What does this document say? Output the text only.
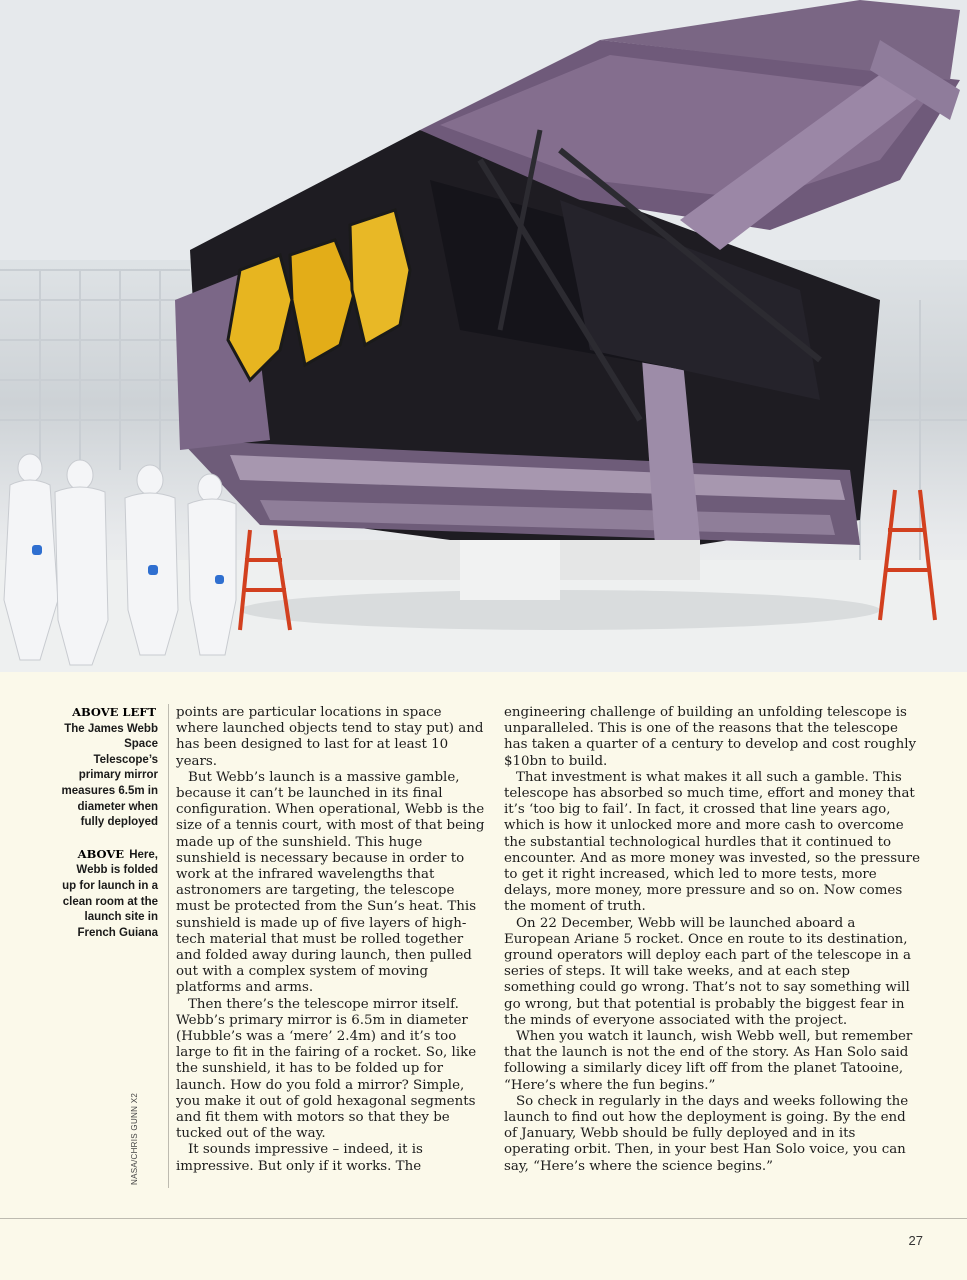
ABOVE LEFT The James Webb Space Telescope’s primary mirror measures 6.5m in diameter when fully deployed
ABOVE Here, Webb is folded up for launch in a clean room at the launch site in French Guiana
NASA/CHRIS GUNN X2

points are particular locations in space where launched objects tend to stay put) and has been designed to last for at least 10 years.

But Webb’s launch is a massive gamble, because it can’t be launched in its final configuration. When operational, Webb is the size of a tennis court, with most of that being made up of the sunshield. This huge sunshield is necessary because in order to work at the infrared wavelengths that astronomers are targeting, the telescope must be protected from the Sun’s heat. This sunshield is made up of five layers of high-tech material that must be rolled together and folded away during launch, then pulled out with a complex system of moving platforms and arms.

Then there’s the telescope mirror itself. Webb’s primary mirror is 6.5m in diameter (Hubble’s was a ‘mere’ 2.4m) and it’s too large to fit in the fairing of a rocket. So, like the sunshield, it has to be folded up for launch. How do you fold a mirror? Simple, you make it out of gold hexagonal segments and fit them with motors so that they be tucked out of the way.

It sounds impressive – indeed, it is impressive. But only if it works. The

engineering challenge of building an unfolding telescope is unparalleled. This is one of the reasons that the telescope has taken a quarter of a century to develop and cost roughly $10bn to build.

That investment is what makes it all such a gamble. This telescope has absorbed so much time, effort and money that it’s ‘too big to fail’. In fact, it crossed that line years ago, which is how it unlocked more and more cash to overcome the substantial technological hurdles that it continued to encounter. And as more money was invested, so the pressure to get it right increased, which led to more tests, more delays, more money, more pressure and so on. Now comes the moment of truth.

On 22 December, Webb will be launched aboard a European Ariane 5 rocket. Once en route to its destination, ground operators will deploy each part of the telescope in a series of steps. It will take weeks, and at each step something could go wrong. That’s not to say something will go wrong, but that potential is probably the biggest fear in the minds of everyone associated with the project.

When you watch it launch, wish Webb well, but remember that the launch is not the end of the story. As Han Solo said following a similarly dicey lift off from the planet Tatooine, “Here’s where the fun begins.”

So check in regularly in the days and weeks following the launch to find out how the deployment is going. By the end of January, Webb should be fully deployed and in its operating orbit. Then, in your best Han Solo voice, you can say, “Here’s where the science begins.”

27
